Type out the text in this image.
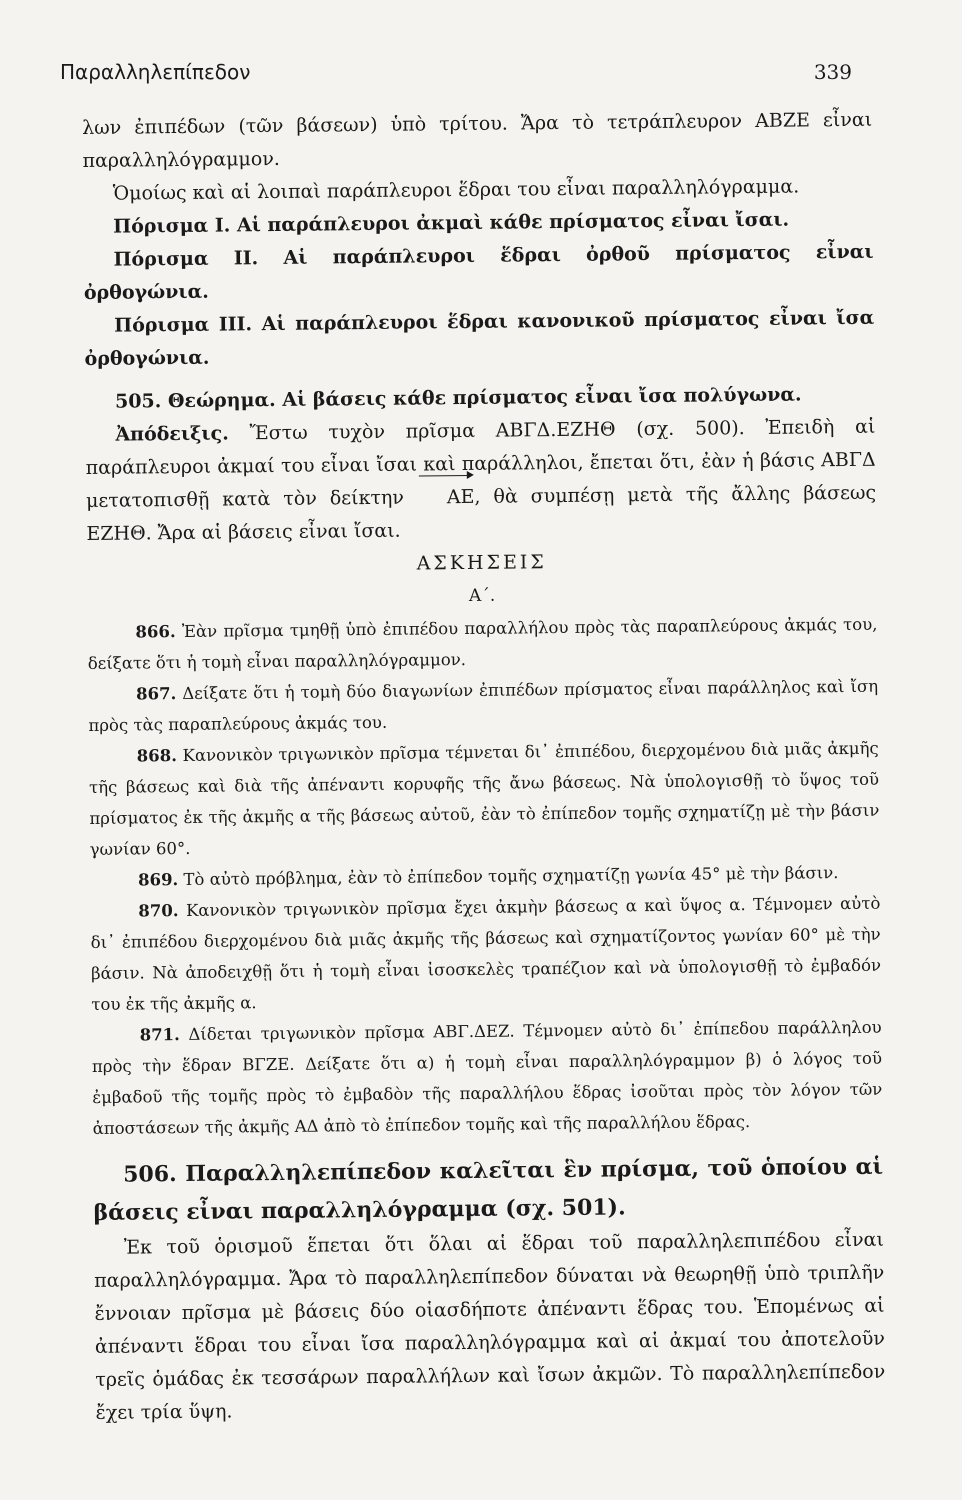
Παραλληλεπίπεδον	339

λων ἐπιπέδων (τῶν βάσεων) ὑπὸ τρίτου. Ἄρα τὸ τετράπλευρον ΑΒΖΕ εἶναι παραλληλόγραμμον.

Ὁμοίως καὶ αἱ λοιπαὶ παράπλευροι ἕδραι του εἶναι παραλληλόγραμμα.

Πόρισμα I. Αἱ παράπλευροι ἀκμαὶ κάθε πρίσματος εἶναι ἴσαι.

Πόρισμα II. Αἱ παράπλευροι ἕδραι ὀρθοῦ πρίσματος εἶναι ὀρθογώνια.

Πόρισμα III. Αἱ παράπλευροι ἕδραι κανονικοῦ πρίσματος εἶναι ἴσα ὀρθογώνια.

505. Θεώρημα. Αἱ βάσεις κάθε πρίσματος εἶναι ἴσα πολύγωνα.

Ἀπόδειξις. Ἔστω τυχὸν πρῖσμα ΑΒΓΔ.ΕΖΗΘ (σχ. 500). Ἐπειδὴ αἱ παράπλευροι ἀκμαί του εἶναι ἴσαι καὶ παράλληλοι, ἔπεται ὅτι, ἐὰν ἡ βάσις ΑΒΓΔ μετατοπισθῇ κατὰ τὸν δείκτην ΑΕ, θὰ συμπέσῃ μετὰ τῆς ἄλλης βάσεως ΕΖΗΘ. Ἄρα αἱ βάσεις εἶναι ἴσαι.

ΑΣΚΗΣΕΙΣ

Α΄.

866. Ἐὰν πρῖσμα τμηθῇ ὑπὸ ἐπιπέδου παραλλήλου πρὸς τὰς παραπλεύρους ἀκμάς του, δείξατε ὅτι ἡ τομὴ εἶναι παραλληλόγραμμον.

867. Δείξατε ὅτι ἡ τομὴ δύο διαγωνίων ἐπιπέδων πρίσματος εἶναι παράλληλος καὶ ἴση πρὸς τὰς παραπλεύρους ἀκμάς του.

868. Κανονικὸν τριγωνικὸν πρῖσμα τέμνεται δι᾽ ἐπιπέδου, διερχομένου διὰ μιᾶς ἀκμῆς τῆς βάσεως καὶ διὰ τῆς ἀπέναντι κορυφῆς τῆς ἄνω βάσεως. Νὰ ὑπολογισθῇ τὸ ὕψος τοῦ πρίσματος ἐκ τῆς ἀκμῆς α τῆς βάσεως αὐτοῦ, ἐὰν τὸ ἐπίπεδον τομῆς σχηματίζῃ μὲ τὴν βάσιν γωνίαν 60°.

869. Τὸ αὐτὸ πρόβλημα, ἐὰν τὸ ἐπίπεδον τομῆς σχηματίζῃ γωνία 45° μὲ τὴν βάσιν.

870. Κανονικὸν τριγωνικὸν πρῖσμα ἔχει ἀκμὴν βάσεως α καὶ ὕψος α. Τέμνομεν αὐτὸ δι᾽ ἐπιπέδου διερχομένου διὰ μιᾶς ἀκμῆς τῆς βάσεως καὶ σχηματίζοντος γωνίαν 60° μὲ τὴν βάσιν. Νὰ ἀποδειχθῇ ὅτι ἡ τομὴ εἶναι ἰσοσκελὲς τραπέζιον καὶ νὰ ὑπολογισθῇ τὸ ἐμβαδόν του ἐκ τῆς ἀκμῆς α.

871. Δίδεται τριγωνικὸν πρῖσμα ΑΒΓ.ΔΕΖ. Τέμνομεν αὐτὸ δι᾽ ἐπίπεδου παράλληλου πρὸς τὴν ἕδραν ΒΓΖΕ. Δείξατε ὅτι α) ἡ τομὴ εἶναι παραλληλόγραμμον β) ὁ λόγος τοῦ ἐμβαδοῦ τῆς τομῆς πρὸς τὸ ἐμβαδὸν τῆς παραλλήλου ἕδρας ἰσοῦται πρὸς τὸν λόγον τῶν ἀποστάσεων τῆς ἀκμῆς ΑΔ ἀπὸ τὸ ἐπίπεδον τομῆς καὶ τῆς παραλλήλου ἕδρας.

506. Παραλληλεπίπεδον καλεῖται ἓν πρίσμα, τοῦ ὁποίου αἱ βάσεις εἶναι παραλληλόγραμμα (σχ. 501).

Ἐκ τοῦ ὁρισμοῦ ἕπεται ὅτι ὅλαι αἱ ἕδραι τοῦ παραλληλεπιπέδου εἶναι παραλληλόγραμμα. Ἄρα τὸ παραλληλεπίπεδον δύναται νὰ θεωρηθῇ ὑπὸ τριπλῆν ἔννοιαν πρῖσμα μὲ βάσεις δύο οἱασδήποτε ἀπέναντι ἕδρας του. Ἑπομένως αἱ ἀπέναντι ἕδραι του εἶναι ἴσα παραλληλόγραμμα καὶ αἱ ἀκμαί του ἀποτελοῦν τρεῖς ὁμάδας ἐκ τεσσάρων παραλλήλων καὶ ἴσων ἀκμῶν. Τὸ παραλληλεπίπεδον ἔχει τρία ὕψη.
